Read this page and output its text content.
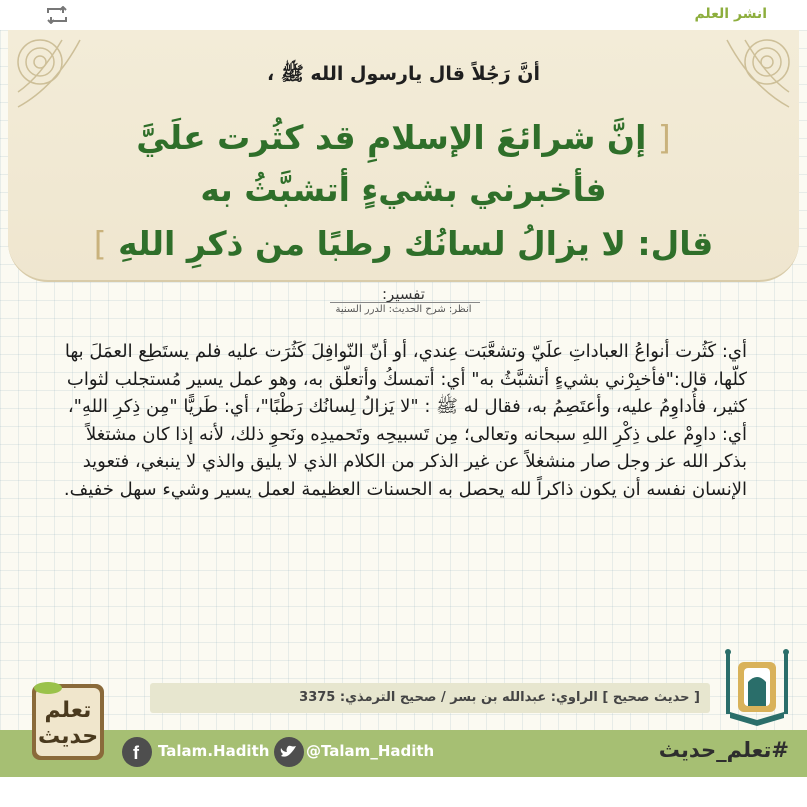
انشر العلم
أنَّ رَجُلاً قال يارسول الله ﷺ ،
[ إنَّ شرائعَ الإسلامِ قد كثُرت علَيَّ
فأخبرني بشيءٍ أتشبَّثُ به
قال: لا يزالُ لسانُك رطبًا من ذكرِ اللهِ ]
تفسير:
انظر: شرح الحديث: الدرر السنية

أي: كَثُرت أنواعُ العباداتِ علَيّ وتشعَّبَت عِندي، أو أنّ النّوافِلَ كَثُرَت عليه فلم يستَطِع العمَلَ بها كلّها، قال:"فأخبِرْني بشيءٍ أتشبَّثُ به" أي: أتمسكُ وأتعلّق به، وهو عمل يسير مُستجلب لثواب كثير، فأُداوِمُ عليه، وأعتَصِمُ به، فقال له ﷺ : "لا يَزالُ لِسانُك رَطْبًا"، أي: طَريًّا "مِن ذِكرِ اللهِ"،

أي: داوِمْ على ذِكْرِ اللهِ سبحانه وتعالى؛ مِن تَسبيحِه وتَحميدِه ونَحوِ ذلك، لأنه إذا كان مشتغلاً بذكر الله عز وجل صار منشغلاً عن غير الذكر من الكلام الذي لا يليق والذي لا ينبغي، فتعويد الإنسان نفسه أن يكون ذاكراً لله يحصل به الحسنات العظيمة لعمل يسير وشيء سهل خفيف.

[ حديث صحيح ] الراوي: عبدالله بن بسر / صحيح الترمذي: 3375
f Talam.Hadith @Talam_Hadith	#تعلم_حديث
تعلم
حديث
